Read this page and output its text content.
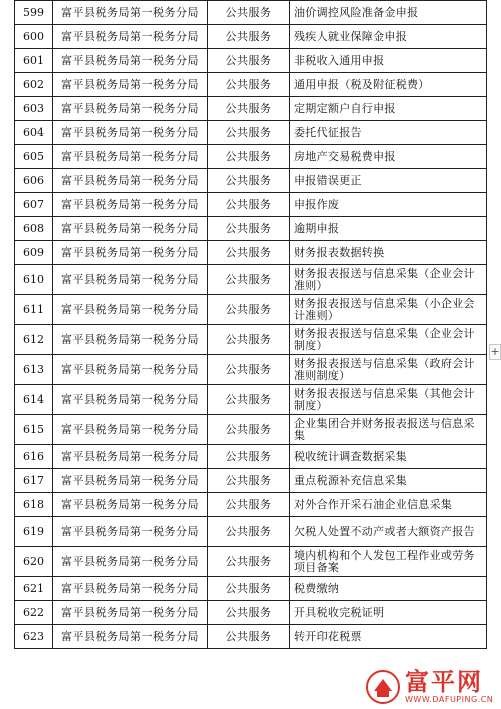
599	富平县税务局第一税务分局	公共服务	油价调控风险准备金申报
600	富平县税务局第一税务分局	公共服务	残疾人就业保障金申报
601	富平县税务局第一税务分局	公共服务	非税收入通用申报
602	富平县税务局第一税务分局	公共服务	通用申报（税及附征税费）
603	富平县税务局第一税务分局	公共服务	定期定额户自行申报
604	富平县税务局第一税务分局	公共服务	委托代征报告
605	富平县税务局第一税务分局	公共服务	房地产交易税费申报
606	富平县税务局第一税务分局	公共服务	申报错误更正
607	富平县税务局第一税务分局	公共服务	申报作废
608	富平县税务局第一税务分局	公共服务	逾期申报
609	富平县税务局第一税务分局	公共服务	财务报表数据转换
610	富平县税务局第一税务分局	公共服务	财务报表报送与信息采集（企业会计准则）
611	富平县税务局第一税务分局	公共服务	财务报表报送与信息采集（小企业会计准则）
612	富平县税务局第一税务分局	公共服务	财务报表报送与信息采集（企业会计制度）
613	富平县税务局第一税务分局	公共服务	财务报表报送与信息采集（政府会计准则制度）
614	富平县税务局第一税务分局	公共服务	财务报表报送与信息采集（其他会计制度）
615	富平县税务局第一税务分局	公共服务	企业集团合并财务报表报送与信息采集
616	富平县税务局第一税务分局	公共服务	税收统计调查数据采集
617	富平县税务局第一税务分局	公共服务	重点税源补充信息采集
618	富平县税务局第一税务分局	公共服务	对外合作开采石油企业信息采集
619	富平县税务局第一税务分局	公共服务	欠税人处置不动产或者大额资产报告
620	富平县税务局第一税务分局	公共服务	境内机构和个人发包工程作业或劳务项目备案
621	富平县税务局第一税务分局	公共服务	税费缴纳
622	富平县税务局第一税务分局	公共服务	开具税收完税证明
623	富平县税务局第一税务分局	公共服务	转开印花税票
+
富平网
WWW.DAFUPING.CN
